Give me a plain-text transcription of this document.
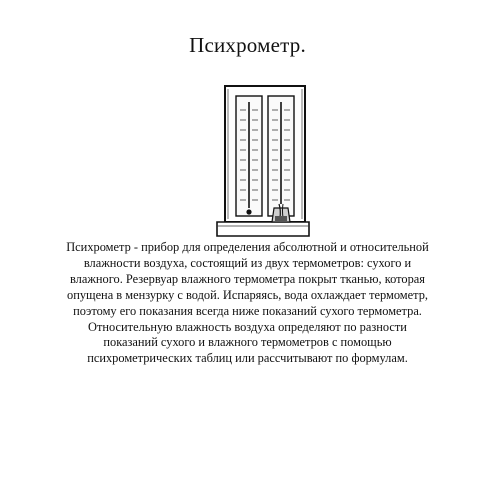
Психрометр.
Психрометр - прибор для определения абсолютной и относительной влажности воздуха, состоящий из двух термометров: сухого и влажного. Резервуар влажного термометра покрыт тканью, которая опущена в мензурку с водой. Испаряясь, вода охлаждает термометр, поэтому его показания всегда ниже показаний сухого термометра. Относительную влажность воздуха определяют по разности показаний сухого и влажного термометров с помощью психрометрических таблиц или рассчитывают по формулам.
